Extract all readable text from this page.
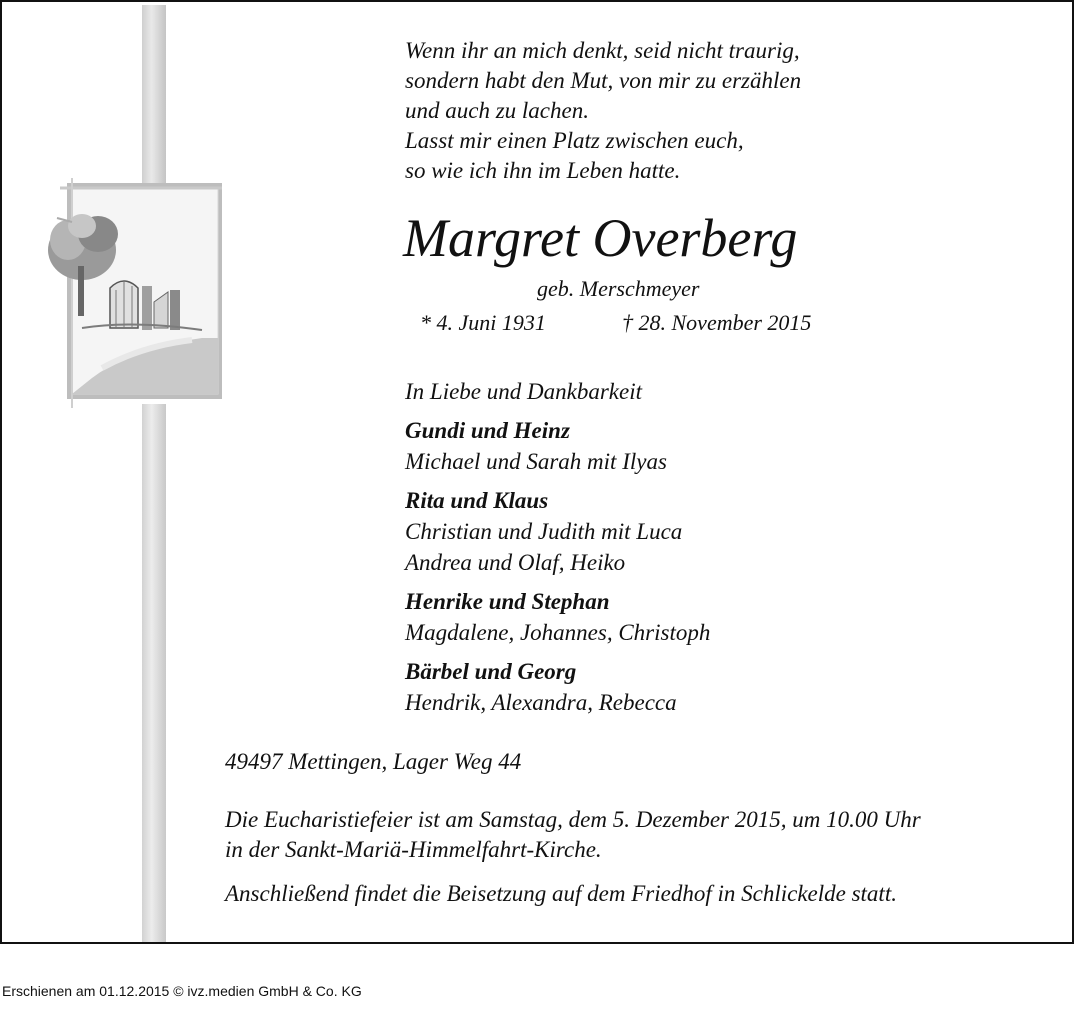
Wenn ihr an mich denkt, seid nicht traurig,
sondern habt den Mut, von mir zu erzählen
und auch zu lachen.
Lasst mir einen Platz zwischen euch,
so wie ich ihn im Leben hatte.
Margret Overberg
geb. Merschmeyer
* 4. Juni 1931	† 28. November 2015
In Liebe und Dankbarkeit
Gundi und Heinz
Michael und Sarah mit Ilyas
Rita und Klaus
Christian und Judith mit Luca
Andrea und Olaf, Heiko
Henrike und Stephan
Magdalene, Johannes, Christoph
Bärbel und Georg
Hendrik, Alexandra, Rebecca
49497 Mettingen, Lager Weg 44
Die Eucharistiefeier ist am Samstag, dem 5. Dezember 2015, um 10.00 Uhr
in der Sankt-Mariä-Himmelfahrt-Kirche.
Anschließend findet die Beisetzung auf dem Friedhof in Schlickelde statt.
Erschienen am 01.12.2015 © ivz.medien GmbH & Co. KG
